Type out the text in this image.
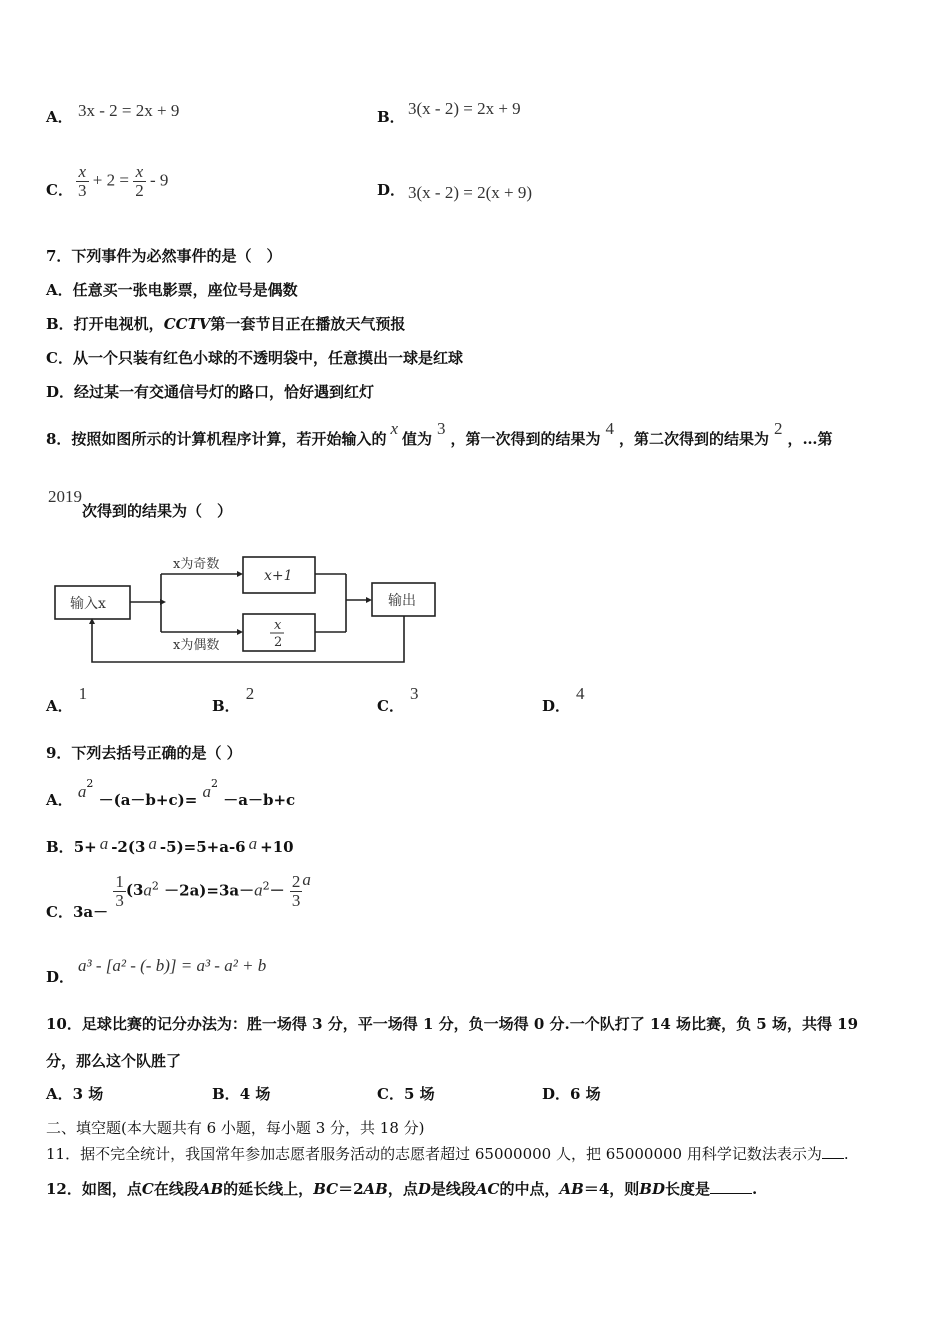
A． 3x - 2 = 2x + 9	B． 3(x - 2) = 2x + 9
C． $\frac{x}{3} + 2 = \frac{x}{2} - 9$
D． 3(x - 2) = 2(x + 9)
7．下列事件为必然事件的是（　）
A．任意买一张电影票，座位号是偶数
B．打开电视机，CCTV第一套节目正在播放天气预报
C．从一个只装有红色小球的不透明袋中，任意摸出一球是红球
D．经过某一有交通信号灯的路口，恰好遇到红灯
8．按照如图所示的计算机程序计算，若开始输入的x值为3，第一次得到的结果为4，第二次得到的结果为2，…第
2019次得到的结果为（　）
输入x
x为奇数
x为偶数
x+1
x
2
输出
A．1
B．2
C．3
D．4
9．下列去括号正确的是（ ）
A． $a^2 -(a-b+c)= a^2 -a-b+c$
B．5+ a -2(3 a -5)=5+a-6 a +10
C．3a－
$\frac{1}{3} (3a^2 -2a)=3a-a^2- \frac{2}{3}$ a
D．
a³ - [a² - (- b)] = a³ - a² + b
10．足球比赛的记分办法为：胜一场得 3 分，平一场得 1 分，负一场得 0 分.一个队打了 14 场比赛，负 5 场，共得 19
分，那么这个队胜了
A．3 场	B．4 场	C．5 场	D．6 场
二、填空题(本大题共有 6 小题，每小题 3 分，共 18 分)
11．据不完全统计，我国常年参加志愿者服务活动的志愿者超过 65000000 人，把 65000000 用科学记数法表示为 .
12．如图，点C在线段AB的延长线上，BC＝2AB，点D是线段AC的中点，AB＝4，则BD长度是	.
